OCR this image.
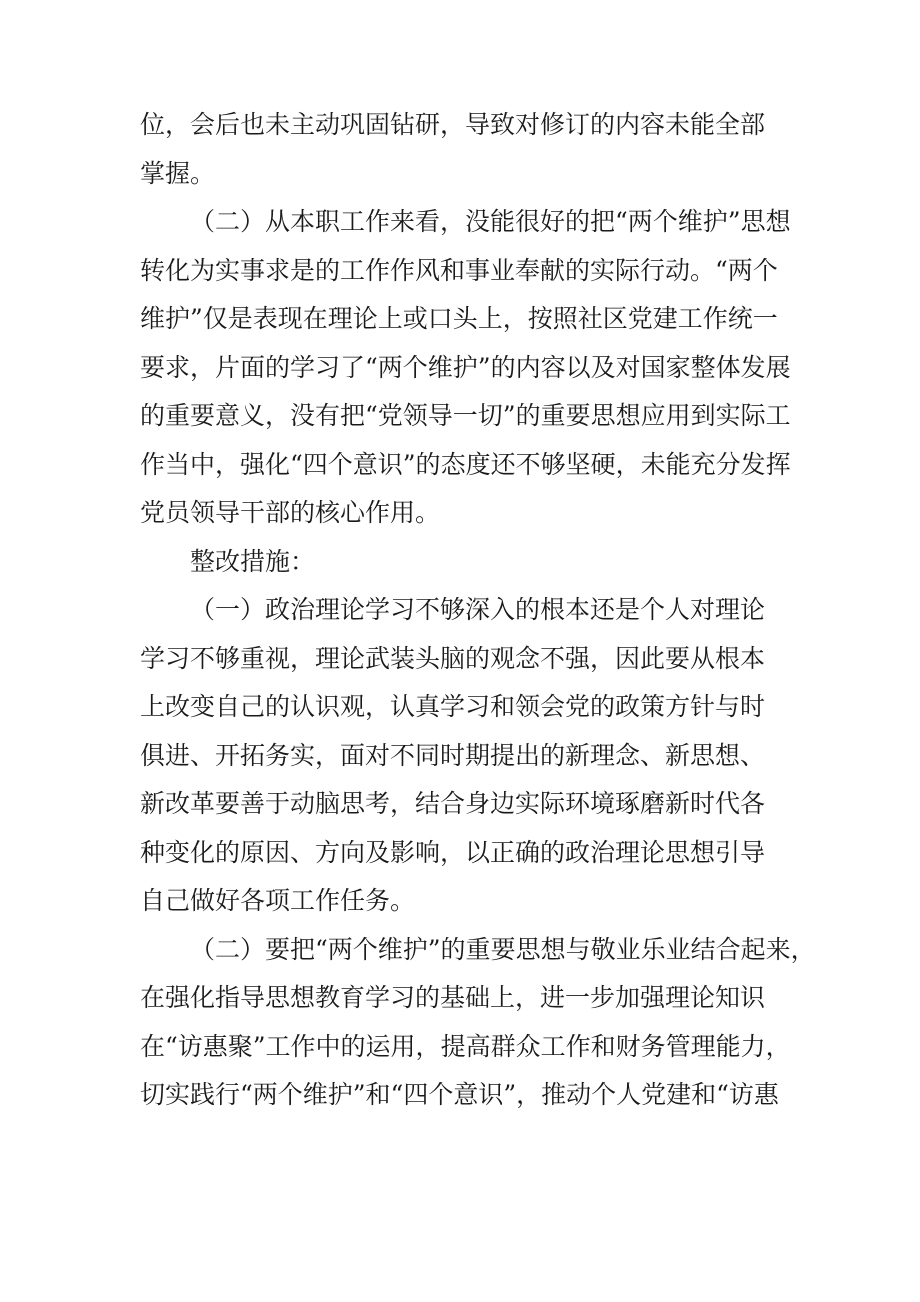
位，会后也未主动巩固钻研，导致对修订的内容未能全部
掌握。
（二）从本职工作来看，没能很好的把“两个维护”思想
转化为实事求是的工作作风和事业奉献的实际行动。“两个
维护”仅是表现在理论上或口头上，按照社区党建工作统一
要求，片面的学习了“两个维护”的内容以及对国家整体发展
的重要意义，没有把“党领导一切”的重要思想应用到实际工
作当中，强化“四个意识”的态度还不够坚硬，未能充分发挥
党员领导干部的核心作用。
整改措施：
（一）政治理论学习不够深入的根本还是个人对理论
学习不够重视，理论武装头脑的观念不强，因此要从根本
上改变自己的认识观，认真学习和领会党的政策方针与时
俱进、开拓务实，面对不同时期提出的新理念、新思想、
新改革要善于动脑思考，结合身边实际环境琢磨新时代各
种变化的原因、方向及影响，以正确的政治理论思想引导
自己做好各项工作任务。
（二）要把“两个维护”的重要思想与敬业乐业结合起来，
在强化指导思想教育学习的基础上，进一步加强理论知识
在“访惠聚”工作中的运用，提高群众工作和财务管理能力，
切实践行“两个维护”和“四个意识”，推动个人党建和“访惠
